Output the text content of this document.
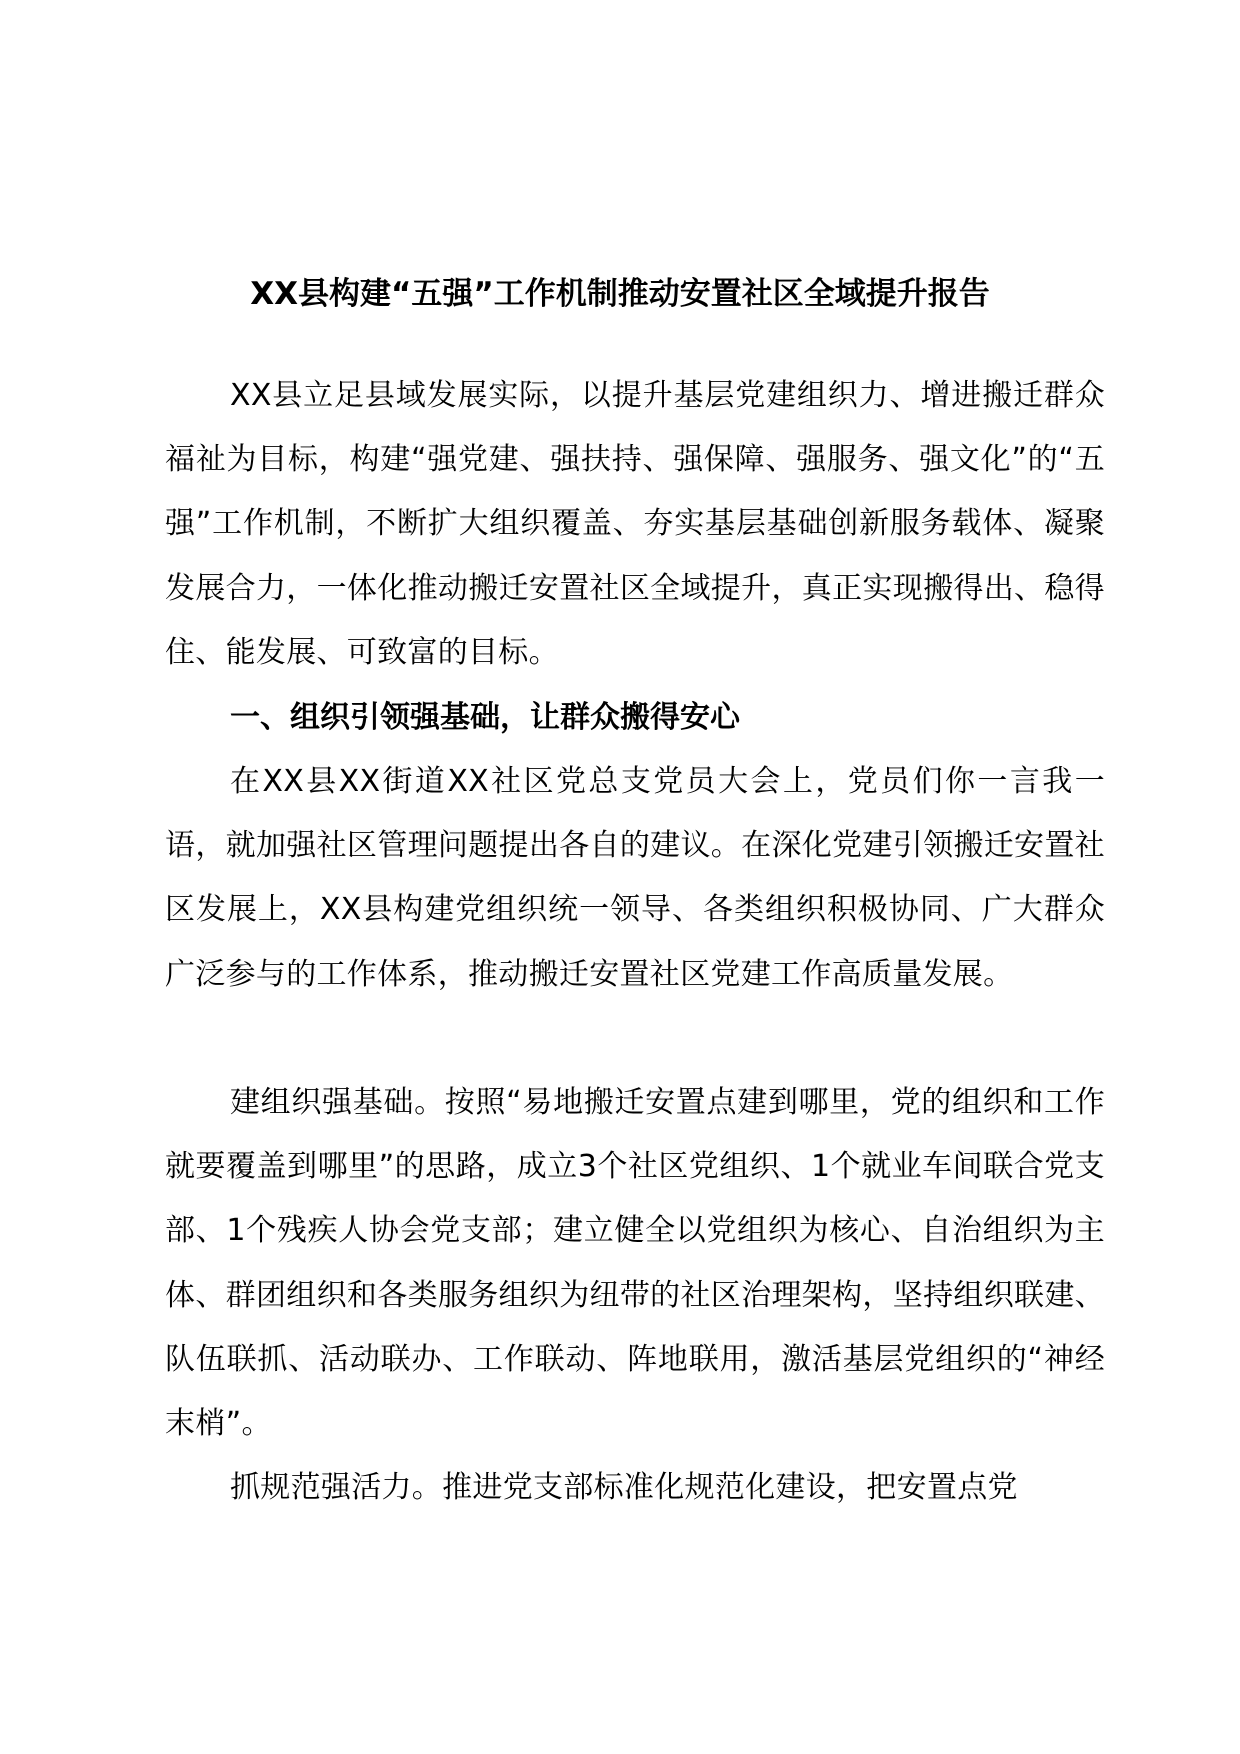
XX县构建“五强”工作机制推动安置社区全域提升报告

XX县立足县域发展实际，以提升基层党建组织力、增进搬迁群众福祉为目标，构建“强党建、强扶持、强保障、强服务、强文化”的“五强”工作机制，不断扩大组织覆盖、夯实基层基础创新服务载体、凝聚发展合力，一体化推动搬迁安置社区全域提升，真正实现搬得出、稳得住、能发展、可致富的目标。

一、组织引领强基础，让群众搬得安心

在XX县XX街道XX社区党总支党员大会上，党员们你一言我一语，就加强社区管理问题提出各自的建议。在深化党建引领搬迁安置社区发展上，XX县构建党组织统一领导、各类组织积极协同、广大群众广泛参与的工作体系，推动搬迁安置社区党建工作高质量发展。

建组织强基础。按照“易地搬迁安置点建到哪里，党的组织和工作就要覆盖到哪里”的思路，成立3个社区党组织、1个就业车间联合党支部、1个残疾人协会党支部；建立健全以党组织为核心、自治组织为主体、群团组织和各类服务组织为纽带的社区治理架构，坚持组织联建、队伍联抓、活动联办、工作联动、阵地联用，激活基层党组织的“神经末梢”。

抓规范强活力。推进党支部标准化规范化建设，把安置点党
